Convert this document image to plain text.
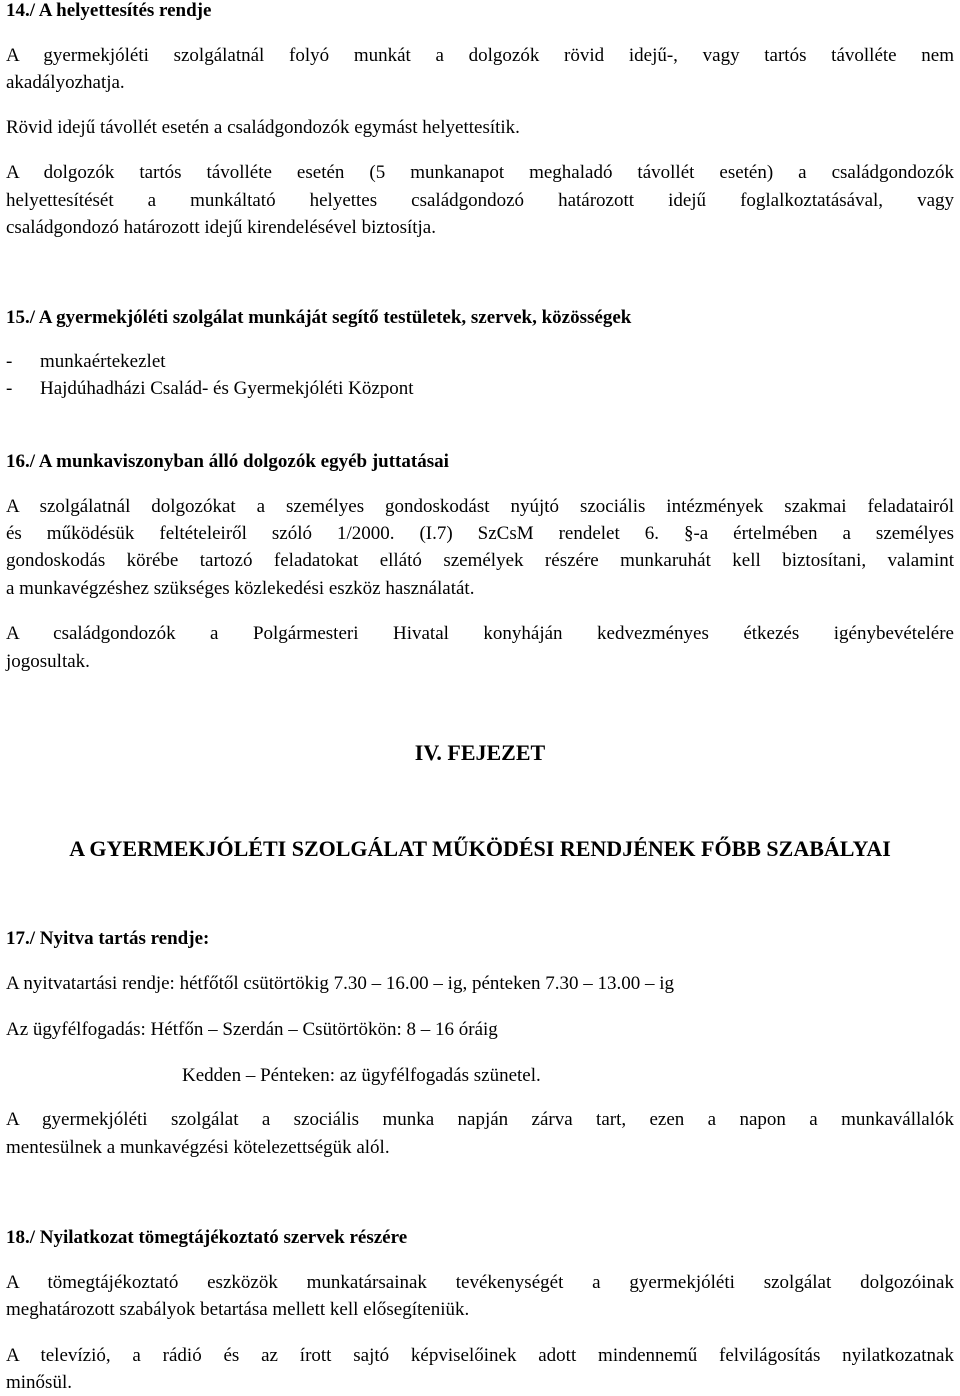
14./ A helyettesítés rendje
A gyermekjóléti szolgálatnál folyó munkát a dolgozók rövid idejű-, vagy tartós távolléte nem
akadályozhatja.
Rövid idejű távollét esetén a családgondozók egymást helyettesítik.
A dolgozók tartós távolléte esetén (5 munkanapot meghaladó távollét esetén) a családgondozók
helyettesítését a munkáltató helyettes családgondozó határozott idejű foglalkoztatásával, vagy
családgondozó határozott idejű kirendelésével biztosítja.
15./ A gyermekjóléti szolgálat munkáját segítő testületek, szervek, közösségek
- munkaértekezlet
- Hajdúhadházi Család- és Gyermekjóléti Központ
16./ A munkaviszonyban álló dolgozók egyéb juttatásai
A szolgálatnál dolgozókat a személyes gondoskodást nyújtó szociális intézmények szakmai feladatairól
és működésük feltételeiről szóló 1/2000. (I.7) SzCsM rendelet 6. §-a értelmében a személyes
gondoskodás körébe tartozó feladatokat ellátó személyek részére munkaruhát kell biztosítani, valamint
a munkavégzéshez szükséges közlekedési eszköz használatát.
A családgondozók a Polgármesteri Hivatal konyháján kedvezményes étkezés igénybevételére
jogosultak.
IV. FEJEZET
A GYERMEKJÓLÉTI SZOLGÁLAT MŰKÖDÉSI RENDJÉNEK FŐBB SZABÁLYAI
17./ Nyitva tartás rendje:
A nyitvatartási rendje: hétfőtől csütörtökig 7.30 – 16.00 – ig, pénteken 7.30 – 13.00 – ig
Az ügyfélfogadás: Hétfőn – Szerdán – Csütörtökön: 8 – 16 óráig
Kedden – Pénteken: az ügyfélfogadás szünetel.
A gyermekjóléti szolgálat a szociális munka napján zárva tart, ezen a napon a munkavállalók
mentesülnek a munkavégzési kötelezettségük alól.
18./ Nyilatkozat tömegtájékoztató szervek részére
A tömegtájékoztató eszközök munkatársainak tevékenységét a gyermekjóléti szolgálat dolgozóinak
meghatározott szabályok betartása mellett kell elősegíteniük.
A televízió, a rádió és az írott sajtó képviselőinek adott mindennemű felvilágosítás nyilatkozatnak
minősül.
